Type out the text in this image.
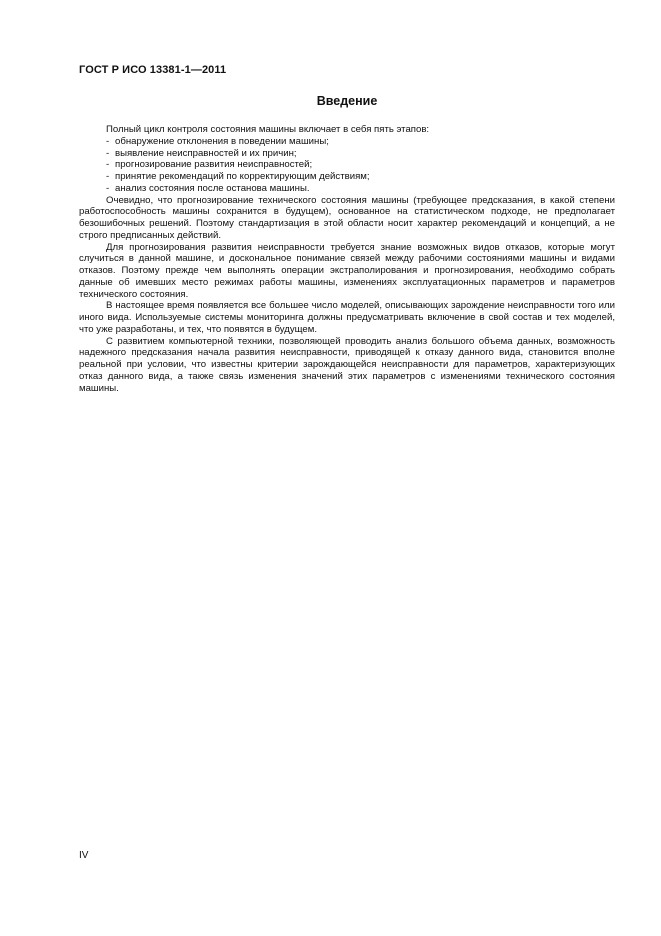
ГОСТ Р ИСО 13381-1—2011
Введение

Полный цикл контроля состояния машины включает в себя пять этапов:

- обнаружение отклонения в поведении машины;
- выявление неисправностей и их причин;
- прогнозирование развития неисправностей;
- принятие рекомендаций по корректирующим действиям;
- анализ состояния после останова машины.

Очевидно, что прогнозирование технического состояния машины (требующее предсказания, в какой степени работоспособность машины сохранится в будущем), основанное на статистическом подходе, не предполагает безошибочных решений. Поэтому стандартизация в этой области носит характер рекомендаций и концепций, а не строго предписанных действий.

Для прогнозирования развития неисправности требуется знание возможных видов отказов, которые могут случиться в данной машине, и доскональное понимание связей между рабочими состояниями машины и видами отказов. Поэтому прежде чем выполнять операции экстраполирования и прогнозирования, необходимо собрать данные об имевших место режимах работы машины, изменениях эксплуатационных параметров и параметров технического состояния.

В настоящее время появляется все большее число моделей, описывающих зарождение неисправности того или иного вида. Используемые системы мониторинга должны предусматривать включение в свой состав и тех моделей, что уже разработаны, и тех, что появятся в будущем.

С развитием компьютерной техники, позволяющей проводить анализ большого объема данных, возможность надежного предсказания начала развития неисправности, приводящей к отказу данного вида, становится вполне реальной при условии, что известны критерии зарождающейся неисправности для параметров, характеризующих отказ данного вида, а также связь изменения значений этих параметров с изменениями технического состояния машины.

IV
